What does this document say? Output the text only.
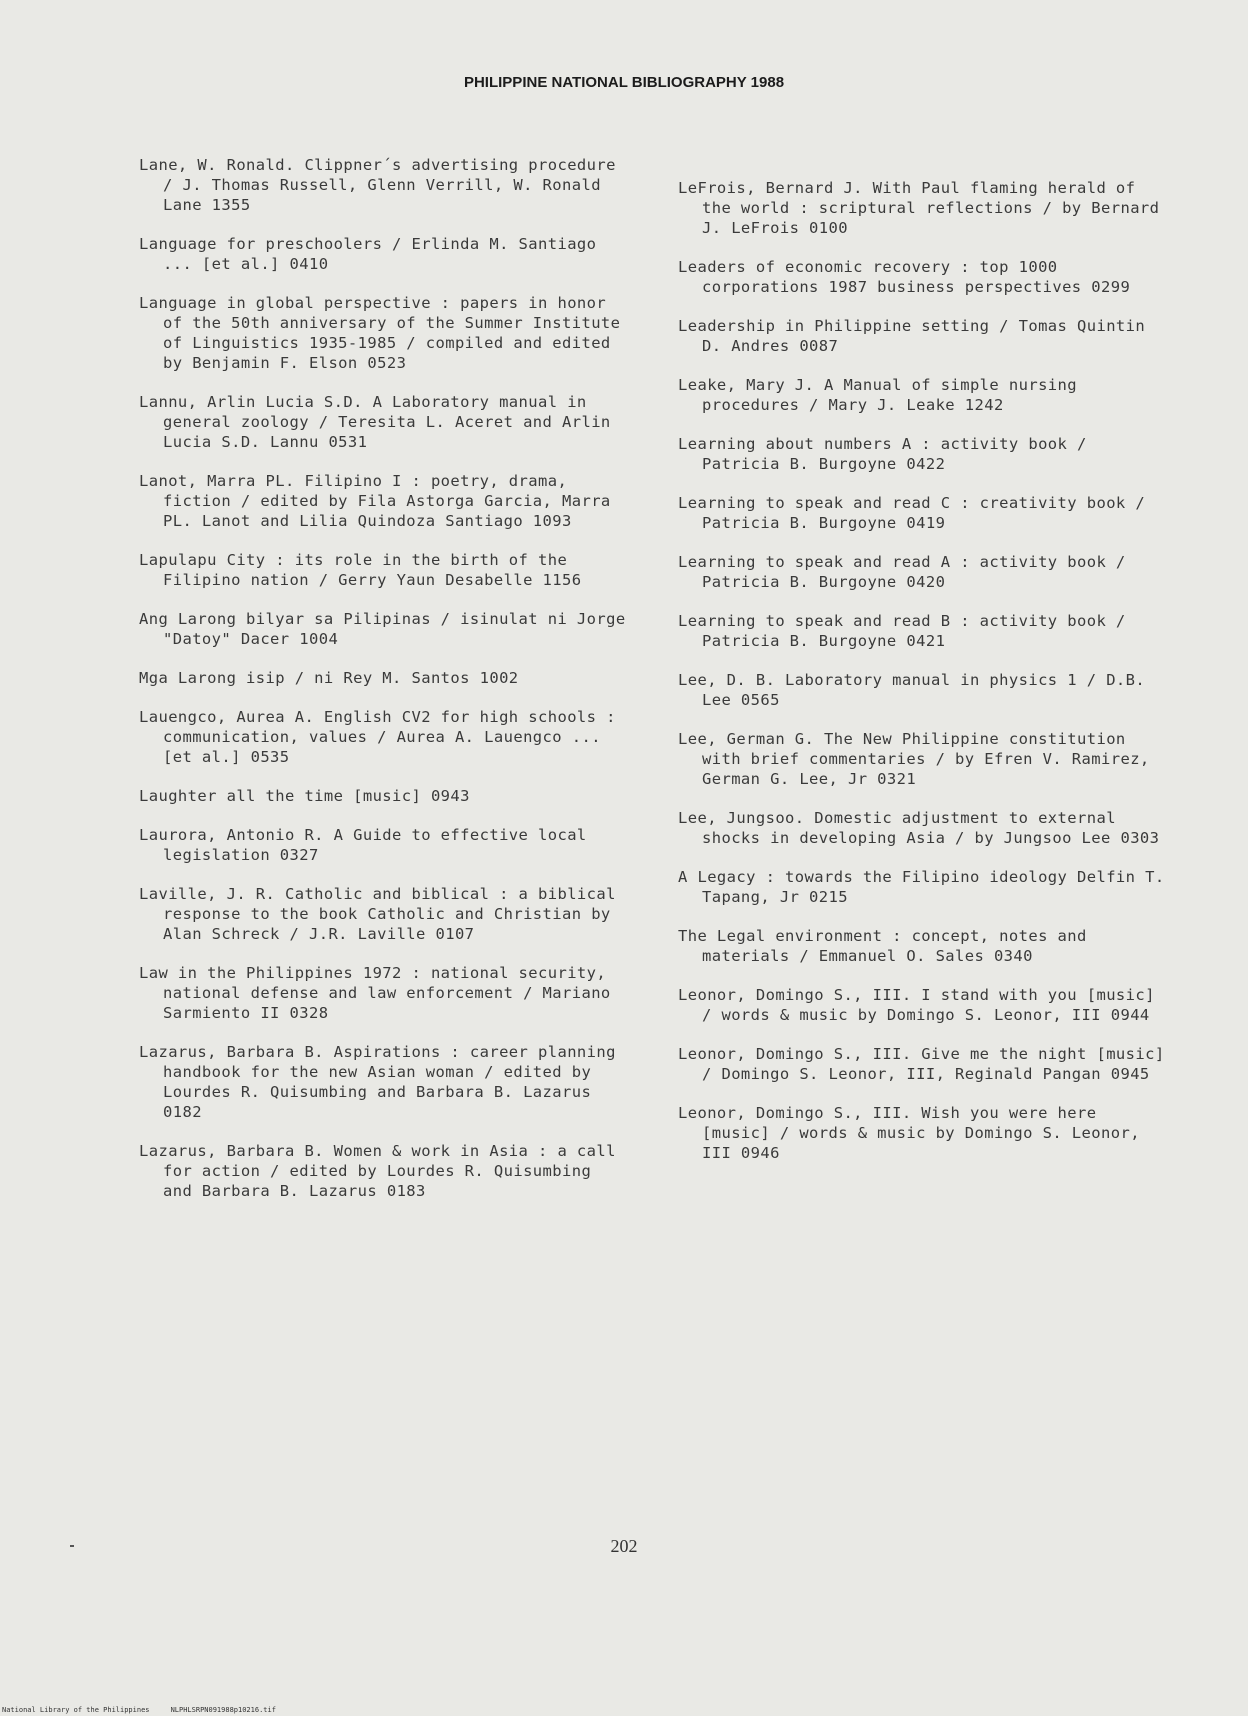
PHILIPPINE NATIONAL BIBLIOGRAPHY 1988

Lane, W. Ronald. Clippner´s advertising procedure / J. Thomas Russell, Glenn Verrill, W. Ronald Lane 1355

Language for preschoolers / Erlinda M. Santiago ... [et al.] 0410

Language in global perspective : papers in honor of the 50th anniversary of the Summer Institute of Linguistics 1935-1985 / compiled and edited by Benjamin F. Elson 0523

Lannu, Arlin Lucia S.D. A Laboratory manual in general zoology / Teresita L. Aceret and Arlin Lucia S.D. Lannu 0531

Lanot, Marra PL. Filipino I : poetry, drama, fiction / edited by Fila Astorga Garcia, Marra PL. Lanot and Lilia Quindoza Santiago 1093

Lapulapu City : its role in the birth of the Filipino nation / Gerry Yaun Desabelle 1156

Ang Larong bilyar sa Pilipinas / isinulat ni Jorge "Datoy" Dacer 1004

Mga Larong isip / ni Rey M. Santos 1002

Lauengco, Aurea A. English CV2 for high schools : communication, values / Aurea A. Lauengco ... [et al.] 0535

Laughter all the time [music] 0943

Laurora, Antonio R. A Guide to effective local legislation 0327

Laville, J. R. Catholic and biblical : a biblical response to the book Catholic and Christian by Alan Schreck / J.R. Laville 0107

Law in the Philippines 1972 : national security, national defense and law enforcement / Mariano Sarmiento II 0328

Lazarus, Barbara B. Aspirations : career planning handbook for the new Asian woman / edited by Lourdes R. Quisumbing and Barbara B. Lazarus 0182

Lazarus, Barbara B. Women & work in Asia : a call for action / edited by Lourdes R. Quisumbing and Barbara B. Lazarus 0183

LeFrois, Bernard J. With Paul flaming herald of the world : scriptural reflections / by Bernard J. LeFrois 0100

Leaders of economic recovery : top 1000 corporations 1987 business perspectives 0299

Leadership in Philippine setting / Tomas Quintin D. Andres 0087

Leake, Mary J. A Manual of simple nursing procedures / Mary J. Leake 1242

Learning about numbers A : activity book / Patricia B. Burgoyne 0422

Learning to speak and read C : creativity book / Patricia B. Burgoyne 0419

Learning to speak and read A : activity book / Patricia B. Burgoyne 0420

Learning to speak and read B : activity book / Patricia B. Burgoyne 0421

Lee, D. B. Laboratory manual in physics 1 / D.B. Lee 0565

Lee, German G. The New Philippine constitution with brief commentaries / by Efren V. Ramirez, German G. Lee, Jr 0321

Lee, Jungsoo. Domestic adjustment to external shocks in developing Asia / by Jungsoo Lee 0303

A Legacy : towards the Filipino ideology Delfin T. Tapang, Jr 0215

The Legal environment : concept, notes and materials / Emmanuel O. Sales 0340

Leonor, Domingo S., III. I stand with you [music] / words & music by Domingo S. Leonor, III 0944

Leonor, Domingo S., III. Give me the night [music] / Domingo S. Leonor, III, Reginald Pangan 0945

Leonor, Domingo S., III. Wish you were here [music] / words & music by Domingo S. Leonor, III 0946

202
National Library of the Philippines     NLPHLSRPN091988p10216.tif
